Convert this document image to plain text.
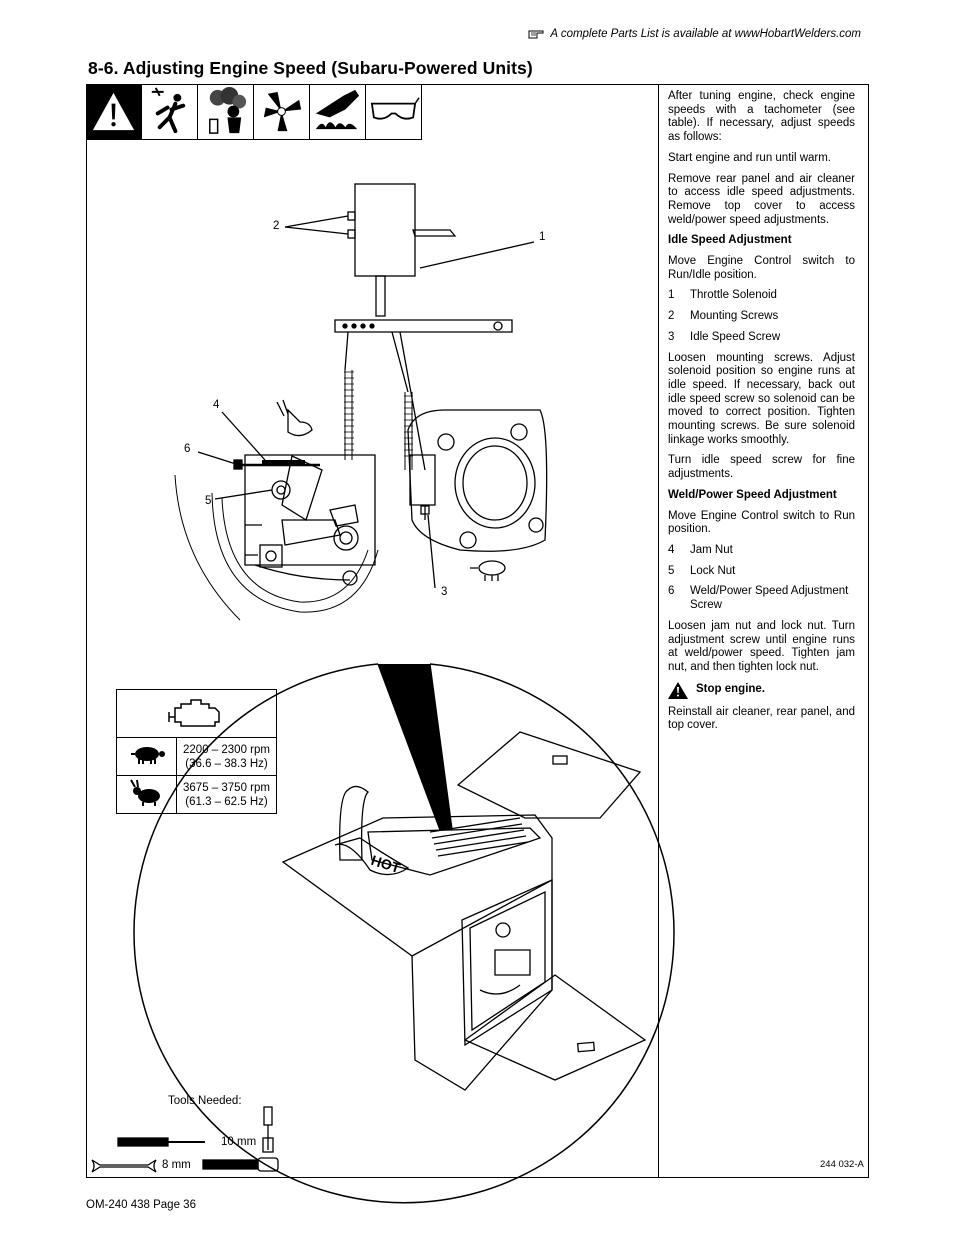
A complete Parts List is available at wwwHobartWelders.com
8-6. Adjusting Engine Speed (Subaru-Powered Units)

After tuning engine, check engine speeds with a tachometer (see table). If necessary, adjust speeds as follows:

Start engine and run until warm.

Remove rear panel and air cleaner to access idle speed adjustments. Remove top cover to access weld/power speed adjustments.

Idle Speed Adjustment

Move Engine Control switch to Run/Idle position.

1	Throttle Solenoid
2	Mounting Screws
3	Idle Speed Screw

Loosen mounting screws. Adjust solenoid position so engine runs at idle speed. If necessary, back out idle speed screw so solenoid can be moved to correct position. Tighten mounting screws. Be sure solenoid linkage works smoothly.

Turn idle speed screw for fine adjustments.

Weld/Power Speed Adjustment

Move Engine Control switch to Run position.

4	Jam Nut
5	Lock Nut
6	Weld/Power Speed Adjustment Screw

Loosen jam nut and lock nut. Turn adjustment screw until engine runs at weld/power speed. Tighten jam nut, and then tighten lock nut.

Stop engine.

Reinstall air cleaner, rear panel, and top cover.

HOT
1
2
3
4
5
6

2200 – 2300 rpm
(36.6 – 38.3 Hz)

3675 – 3750 rpm
(61.3 – 62.5 Hz)
Tools Needed:
10 mm
8 mm	244 032-A
OM-240 438 Page 36
